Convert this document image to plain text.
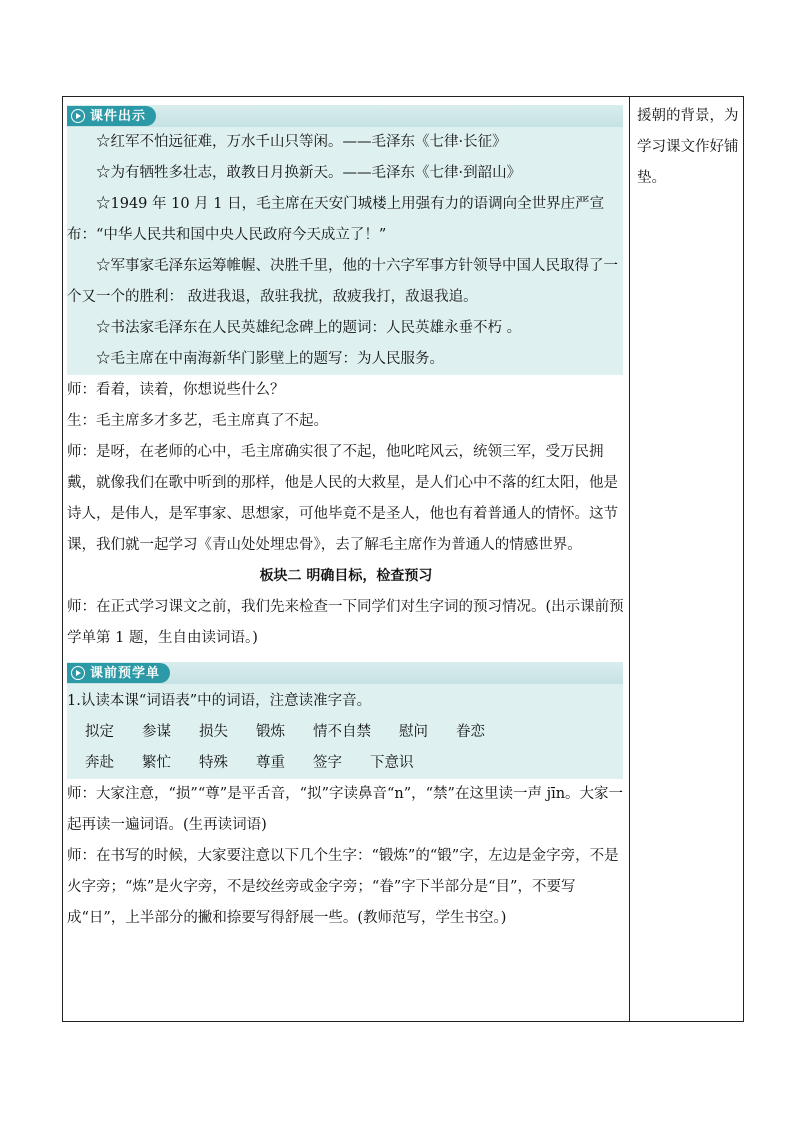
课件出示

☆红军不怕远征难，万水千山只等闲。——毛泽东《七律·长征》

☆为有牺牲多壮志，敢教日月换新天。——毛泽东《七律·到韶山》

☆1949 年 10 月 1 日，毛主席在天安门城楼上用强有力的语调向全世界庄严宣布：“中华人民共和国中央人民政府今天成立了！”

☆军事家毛泽东运筹帷幄、决胜千里，他的十六字军事方针领导中国人民取得了一个又一个的胜利： 敌进我退，敌驻我扰，敌疲我打，敌退我追。

☆书法家毛泽东在人民英雄纪念碑上的题词：人民英雄永垂不朽 。

☆毛主席在中南海新华门影壁上的题写：为人民服务。

师：看着，读着，你想说些什么？

生：毛主席多才多艺，毛主席真了不起。

师：是呀，在老师的心中，毛主席确实很了不起，他叱咤风云，统领三军，受万民拥戴，就像我们在歌中听到的那样，他是人民的大救星，是人们心中不落的红太阳，他是诗人，是伟人，是军事家、思想家，可他毕竟不是圣人，他也有着普通人的情怀。这节课，我们就一起学习《青山处处埋忠骨》，去了解毛主席作为普通人的情感世界。

板块二 明确目标，检查预习

师：在正式学习课文之前，我们先来检查一下同学们对生字词的预习情况。(出示课前预学单第 1 题，生自由读词语。)

课前预学单

1.认读本课“词语表”中的词语，注意读准字音。

拟定 参谋 损失 锻炼 情不自禁 慰问 眷恋
奔赴 繁忙 特殊 尊重 签字 下意识

师：大家注意，“损”“尊”是平舌音，“拟”字读鼻音“n”，“禁”在这里读一声 jīn。大家一起再读一遍词语。(生再读词语)

师：在书写的时候，大家要注意以下几个生字：“锻炼”的“锻”字，左边是金字旁，不是火字旁；“炼”是火字旁，不是绞丝旁或金字旁；“眷”字下半部分是“目”，不要写成“日”，上半部分的撇和捺要写得舒展一些。(教师范写，学生书空。)

援朝的背景，为学习课文作好铺垫。
